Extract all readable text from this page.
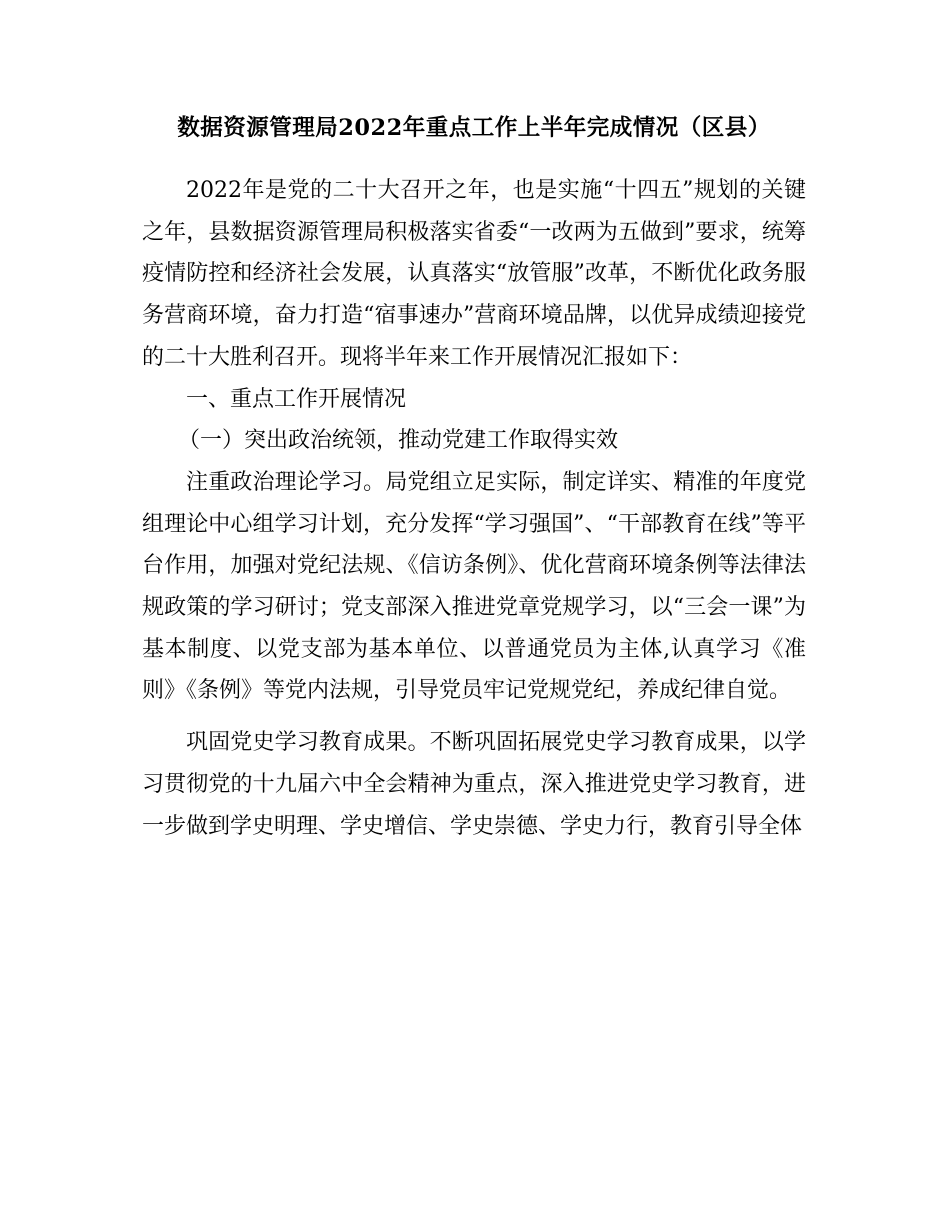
数据资源管理局2022年重点工作上半年完成情况（区县）

2022年是党的二十大召开之年，也是实施“十四五”规划的关键之年，县数据资源管理局积极落实省委“一改两为五做到”要求，统筹疫情防控和经济社会发展，认真落实“放管服”改革，不断优化政务服务营商环境，奋力打造“宿事速办”营商环境品牌，以优异成绩迎接党的二十大胜利召开。现将半年来工作开展情况汇报如下：

一、重点工作开展情况

（一）突出政治统领，推动党建工作取得实效

注重政治理论学习。局党组立足实际，制定详实、精准的年度党组理论中心组学习计划，充分发挥“学习强国”、“干部教育在线”等平台作用，加强对党纪法规、《信访条例》、优化营商环境条例等法律法规政策的学习研讨；党支部深入推进党章党规学习，以“三会一课”为基本制度、以党支部为基本单位、以普通党员为主体,认真学习《准则》《条例》等党内法规，引导党员牢记党规党纪，养成纪律自觉。

巩固党史学习教育成果。不断巩固拓展党史学习教育成果，以学习贯彻党的十九届六中全会精神为重点，深入推进党史学习教育，进一步做到学史明理、学史增信、学史崇德、学史力行，教育引导全体
